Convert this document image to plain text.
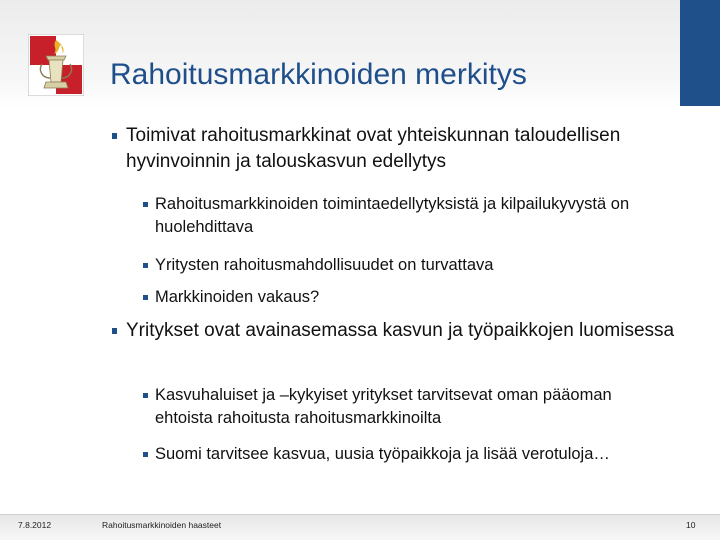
Rahoitusmarkkinoiden merkitys
Toimivat rahoitusmarkkinat ovat yhteiskunnan taloudellisen hyvinvoinnin ja talouskasvun edellytys
Rahoitusmarkkinoiden toimintaedellytyksistä ja kilpailukyvystä on huolehdittava
Yritysten rahoitusmahdollisuudet on turvattava
Markkinoiden vakaus?
Yritykset ovat avainasemassa kasvun ja työpaikkojen luomisessa
Kasvuhaluiset ja –kykyiset yritykset tarvitsevat oman pääoman ehtoista rahoitusta rahoitusmarkkinoilta
Suomi tarvitsee kasvua, uusia työpaikkoja ja lisää verotuloja…
7.8.2012	Rahoitusmarkkinoiden haasteet	10
